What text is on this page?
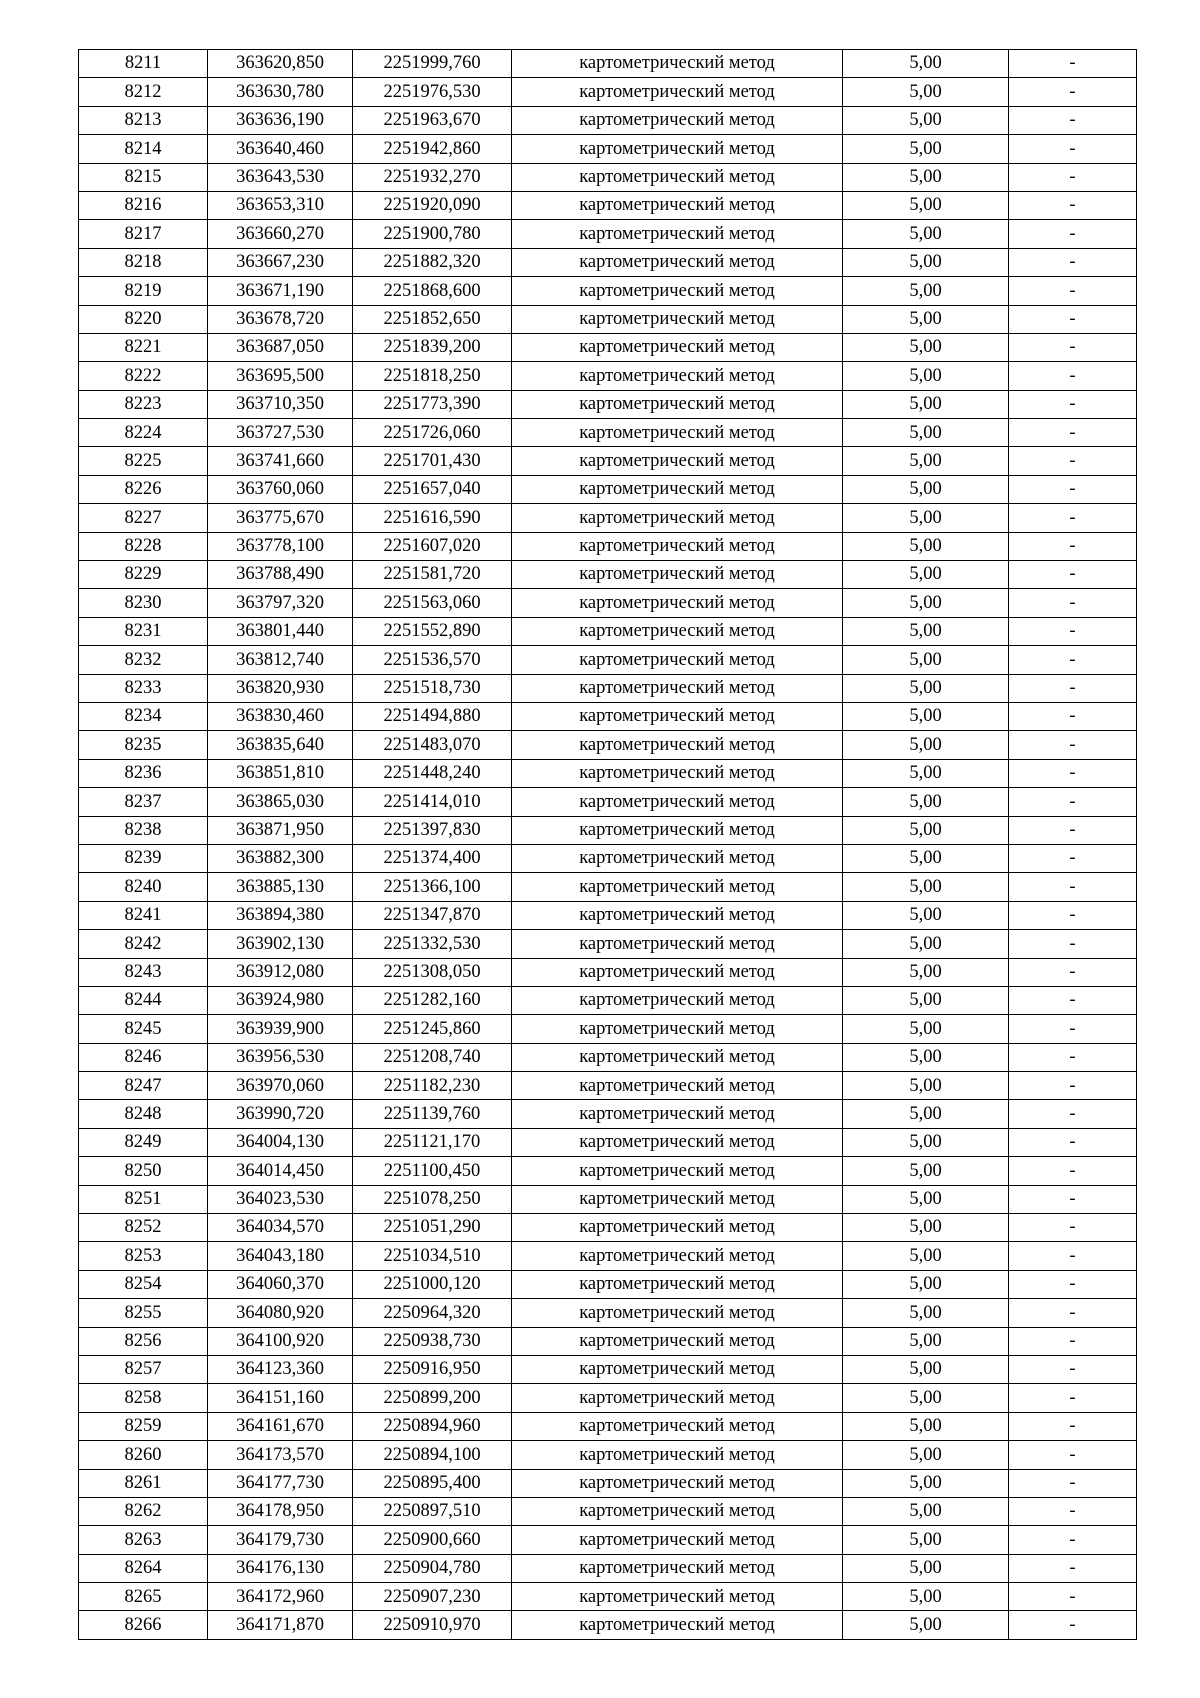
8211	363620,850	2251999,760	картометрический метод	5,00	-
8212	363630,780	2251976,530	картометрический метод	5,00	-
8213	363636,190	2251963,670	картометрический метод	5,00	-
8214	363640,460	2251942,860	картометрический метод	5,00	-
8215	363643,530	2251932,270	картометрический метод	5,00	-
8216	363653,310	2251920,090	картометрический метод	5,00	-
8217	363660,270	2251900,780	картометрический метод	5,00	-
8218	363667,230	2251882,320	картометрический метод	5,00	-
8219	363671,190	2251868,600	картометрический метод	5,00	-
8220	363678,720	2251852,650	картометрический метод	5,00	-
8221	363687,050	2251839,200	картометрический метод	5,00	-
8222	363695,500	2251818,250	картометрический метод	5,00	-
8223	363710,350	2251773,390	картометрический метод	5,00	-
8224	363727,530	2251726,060	картометрический метод	5,00	-
8225	363741,660	2251701,430	картометрический метод	5,00	-
8226	363760,060	2251657,040	картометрический метод	5,00	-
8227	363775,670	2251616,590	картометрический метод	5,00	-
8228	363778,100	2251607,020	картометрический метод	5,00	-
8229	363788,490	2251581,720	картометрический метод	5,00	-
8230	363797,320	2251563,060	картометрический метод	5,00	-
8231	363801,440	2251552,890	картометрический метод	5,00	-
8232	363812,740	2251536,570	картометрический метод	5,00	-
8233	363820,930	2251518,730	картометрический метод	5,00	-
8234	363830,460	2251494,880	картометрический метод	5,00	-
8235	363835,640	2251483,070	картометрический метод	5,00	-
8236	363851,810	2251448,240	картометрический метод	5,00	-
8237	363865,030	2251414,010	картометрический метод	5,00	-
8238	363871,950	2251397,830	картометрический метод	5,00	-
8239	363882,300	2251374,400	картометрический метод	5,00	-
8240	363885,130	2251366,100	картометрический метод	5,00	-
8241	363894,380	2251347,870	картометрический метод	5,00	-
8242	363902,130	2251332,530	картометрический метод	5,00	-
8243	363912,080	2251308,050	картометрический метод	5,00	-
8244	363924,980	2251282,160	картометрический метод	5,00	-
8245	363939,900	2251245,860	картометрический метод	5,00	-
8246	363956,530	2251208,740	картометрический метод	5,00	-
8247	363970,060	2251182,230	картометрический метод	5,00	-
8248	363990,720	2251139,760	картометрический метод	5,00	-
8249	364004,130	2251121,170	картометрический метод	5,00	-
8250	364014,450	2251100,450	картометрический метод	5,00	-
8251	364023,530	2251078,250	картометрический метод	5,00	-
8252	364034,570	2251051,290	картометрический метод	5,00	-
8253	364043,180	2251034,510	картометрический метод	5,00	-
8254	364060,370	2251000,120	картометрический метод	5,00	-
8255	364080,920	2250964,320	картометрический метод	5,00	-
8256	364100,920	2250938,730	картометрический метод	5,00	-
8257	364123,360	2250916,950	картометрический метод	5,00	-
8258	364151,160	2250899,200	картометрический метод	5,00	-
8259	364161,670	2250894,960	картометрический метод	5,00	-
8260	364173,570	2250894,100	картометрический метод	5,00	-
8261	364177,730	2250895,400	картометрический метод	5,00	-
8262	364178,950	2250897,510	картометрический метод	5,00	-
8263	364179,730	2250900,660	картометрический метод	5,00	-
8264	364176,130	2250904,780	картометрический метод	5,00	-
8265	364172,960	2250907,230	картометрический метод	5,00	-
8266	364171,870	2250910,970	картометрический метод	5,00	-
